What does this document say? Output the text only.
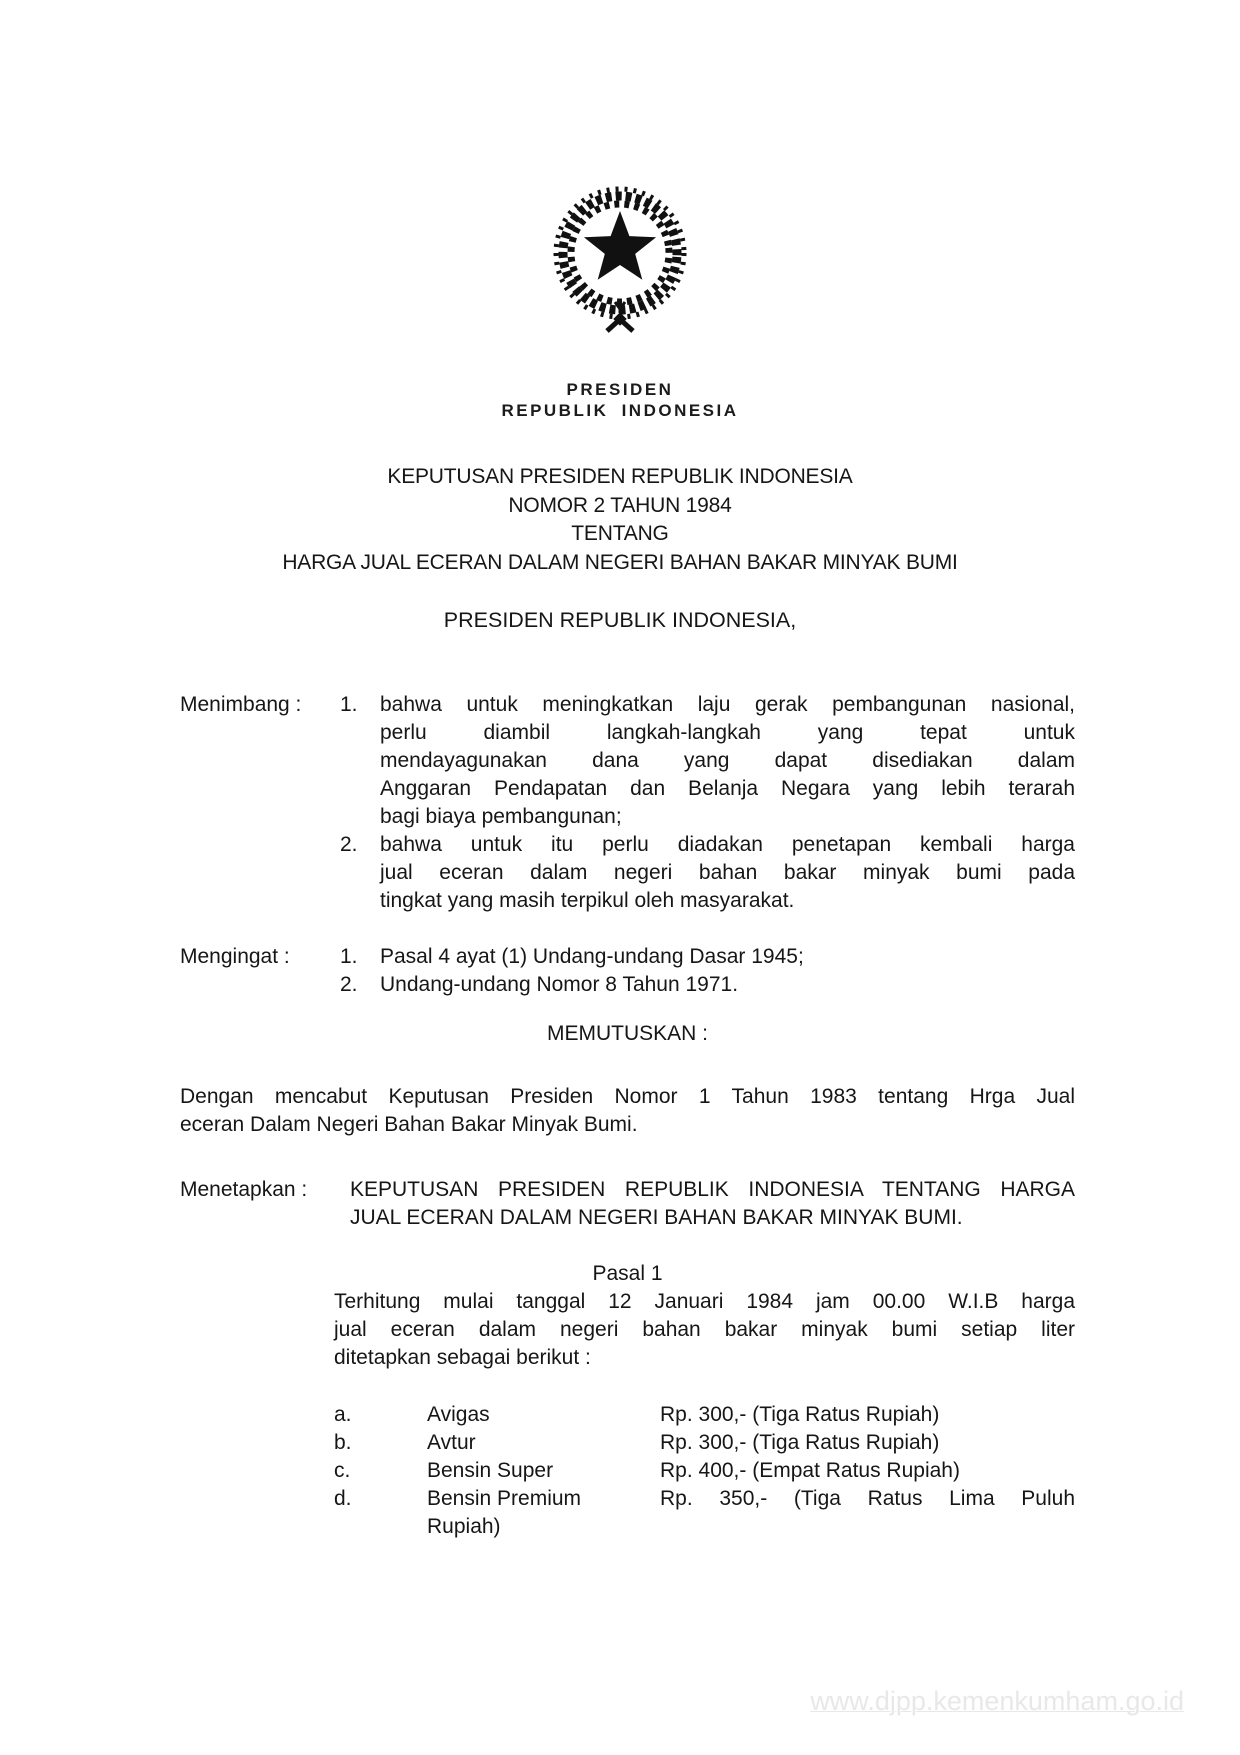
PRESIDEN
REPUBLIK INDONESIA
KEPUTUSAN PRESIDEN REPUBLIK INDONESIA
NOMOR 2 TAHUN 1984
TENTANG
HARGA JUAL ECERAN DALAM NEGERI BAHAN BAKAR MINYAK BUMI
PRESIDEN REPUBLIK INDONESIA,
Menimbang :	1.	bahwa untuk meningkatkan laju gerak pembangunan nasional,
perlu diambil langkah-langkah yang tepat untuk
mendayagunakan dana yang dapat disediakan dalam
Anggaran Pendapatan dan Belanja Negara yang lebih terarah
bagi biaya pembangunan;
2.	bahwa untuk itu perlu diadakan penetapan kembali harga
jual eceran dalam negeri bahan bakar minyak bumi pada
tingkat yang masih terpikul oleh masyarakat.
Mengingat :	1.	Pasal 4 ayat (1) Undang-undang Dasar 1945;
2.	Undang-undang Nomor 8 Tahun 1971.
MEMUTUSKAN :
Dengan mencabut Keputusan Presiden Nomor 1 Tahun 1983 tentang Hrga Jual
eceran Dalam Negeri Bahan Bakar Minyak Bumi.
Menetapkan :	KEPUTUSAN PRESIDEN REPUBLIK INDONESIA TENTANG HARGA
JUAL ECERAN DALAM NEGERI BAHAN BAKAR MINYAK BUMI.
Pasal 1
Terhitung mulai tanggal 12 Januari 1984 jam 00.00 W.I.B harga
jual eceran dalam negeri bahan bakar minyak bumi setiap liter
ditetapkan sebagai berikut :
a.	Avigas	Rp. 300,- (Tiga Ratus Rupiah)
b.	Avtur	Rp. 300,- (Tiga Ratus Rupiah)
c.	Bensin Super	Rp. 400,- (Empat Ratus Rupiah)
d.	Bensin Premium	Rp. 350,- (Tiga Ratus Lima Puluh
Rupiah)
www.djpp.kemenkumham.go.id
